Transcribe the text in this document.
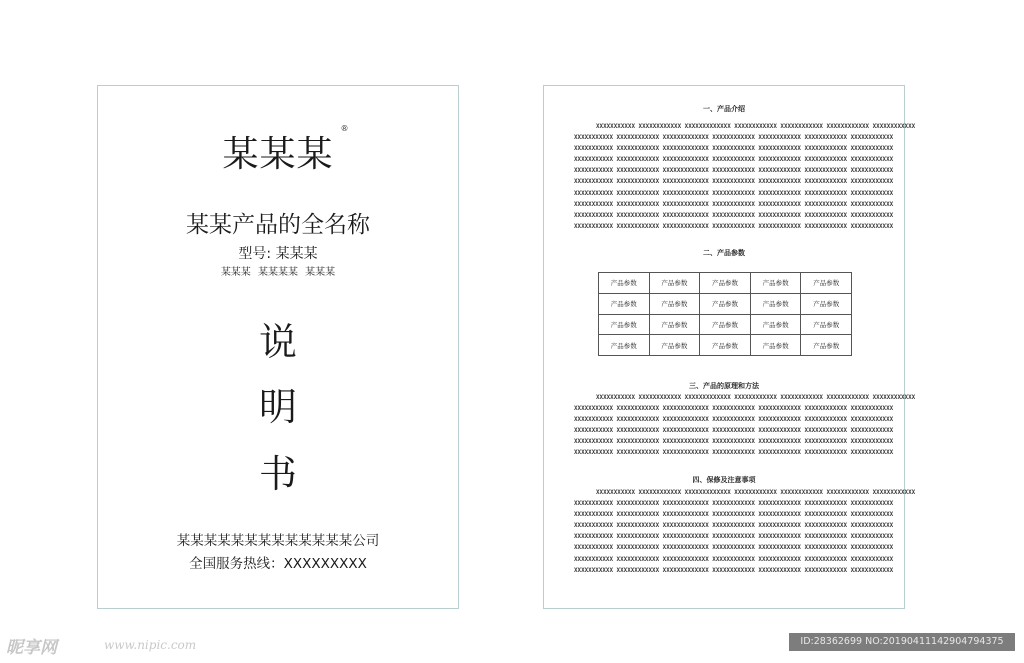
某某某
®
某某产品的全名称
型号: 某某某
某某某 某某某某 某某某
说
明
书
某某某某某某某某某某某某某公司
全国服务热线：XXXXXXXXX
一、产品介绍
XXXXXXXXXXX XXXXXXXXXXXX XXXXXXXXXXXXX XXXXXXXXXXXX XXXXXXXXXXXX XXXXXXXXXXXX XXXXXXXXXXXX
XXXXXXXXXXX XXXXXXXXXXXX XXXXXXXXXXXXX XXXXXXXXXXXX XXXXXXXXXXXX XXXXXXXXXXXX XXXXXXXXXXXX
XXXXXXXXXXX XXXXXXXXXXXX XXXXXXXXXXXXX XXXXXXXXXXXX XXXXXXXXXXXX XXXXXXXXXXXX XXXXXXXXXXXX
XXXXXXXXXXX XXXXXXXXXXXX XXXXXXXXXXXXX XXXXXXXXXXXX XXXXXXXXXXXX XXXXXXXXXXXX XXXXXXXXXXXX
XXXXXXXXXXX XXXXXXXXXXXX XXXXXXXXXXXXX XXXXXXXXXXXX XXXXXXXXXXXX XXXXXXXXXXXX XXXXXXXXXXXX
XXXXXXXXXXX XXXXXXXXXXXX XXXXXXXXXXXXX XXXXXXXXXXXX XXXXXXXXXXXX XXXXXXXXXXXX XXXXXXXXXXXX
XXXXXXXXXXX XXXXXXXXXXXX XXXXXXXXXXXXX XXXXXXXXXXXX XXXXXXXXXXXX XXXXXXXXXXXX XXXXXXXXXXXX
XXXXXXXXXXX XXXXXXXXXXXX XXXXXXXXXXXXX XXXXXXXXXXXX XXXXXXXXXXXX XXXXXXXXXXXX XXXXXXXXXXXX
XXXXXXXXXXX XXXXXXXXXXXX XXXXXXXXXXXXX XXXXXXXXXXXX XXXXXXXXXXXX XXXXXXXXXXXX XXXXXXXXXXXX
XXXXXXXXXXX XXXXXXXXXXXX XXXXXXXXXXXXX XXXXXXXXXXXX XXXXXXXXXXXX XXXXXXXXXXXX XXXXXXXXXXXX
二、产品参数
产品参数	产品参数	产品参数	产品参数	产品参数
产品参数	产品参数	产品参数	产品参数	产品参数
产品参数	产品参数	产品参数	产品参数	产品参数
产品参数	产品参数	产品参数	产品参数	产品参数
三、产品的原理和方法
XXXXXXXXXXX XXXXXXXXXXXX XXXXXXXXXXXXX XXXXXXXXXXXX XXXXXXXXXXXX XXXXXXXXXXXX XXXXXXXXXXXX
XXXXXXXXXXX XXXXXXXXXXXX XXXXXXXXXXXXX XXXXXXXXXXXX XXXXXXXXXXXX XXXXXXXXXXXX XXXXXXXXXXXX
XXXXXXXXXXX XXXXXXXXXXXX XXXXXXXXXXXXX XXXXXXXXXXXX XXXXXXXXXXXX XXXXXXXXXXXX XXXXXXXXXXXX
XXXXXXXXXXX XXXXXXXXXXXX XXXXXXXXXXXXX XXXXXXXXXXXX XXXXXXXXXXXX XXXXXXXXXXXX XXXXXXXXXXXX
XXXXXXXXXXX XXXXXXXXXXXX XXXXXXXXXXXXX XXXXXXXXXXXX XXXXXXXXXXXX XXXXXXXXXXXX XXXXXXXXXXXX
XXXXXXXXXXX XXXXXXXXXXXX XXXXXXXXXXXXX XXXXXXXXXXXX XXXXXXXXXXXX XXXXXXXXXXXX XXXXXXXXXXXX
四、保修及注意事项
XXXXXXXXXXX XXXXXXXXXXXX XXXXXXXXXXXXX XXXXXXXXXXXX XXXXXXXXXXXX XXXXXXXXXXXX XXXXXXXXXXXX
XXXXXXXXXXX XXXXXXXXXXXX XXXXXXXXXXXXX XXXXXXXXXXXX XXXXXXXXXXXX XXXXXXXXXXXX XXXXXXXXXXXX
XXXXXXXXXXX XXXXXXXXXXXX XXXXXXXXXXXXX XXXXXXXXXXXX XXXXXXXXXXXX XXXXXXXXXXXX XXXXXXXXXXXX
XXXXXXXXXXX XXXXXXXXXXXX XXXXXXXXXXXXX XXXXXXXXXXXX XXXXXXXXXXXX XXXXXXXXXXXX XXXXXXXXXXXX
XXXXXXXXXXX XXXXXXXXXXXX XXXXXXXXXXXXX XXXXXXXXXXXX XXXXXXXXXXXX XXXXXXXXXXXX XXXXXXXXXXXX
XXXXXXXXXXX XXXXXXXXXXXX XXXXXXXXXXXXX XXXXXXXXXXXX XXXXXXXXXXXX XXXXXXXXXXXX XXXXXXXXXXXX
XXXXXXXXXXX XXXXXXXXXXXX XXXXXXXXXXXXX XXXXXXXXXXXX XXXXXXXXXXXX XXXXXXXXXXXX XXXXXXXXXXXX
XXXXXXXXXXX XXXXXXXXXXXX XXXXXXXXXXXXX XXXXXXXXXXXX XXXXXXXXXXXX XXXXXXXXXXXX XXXXXXXXXXXX
昵享网	www.nipic.com	ID:28362699 NO:20190411142904794375
